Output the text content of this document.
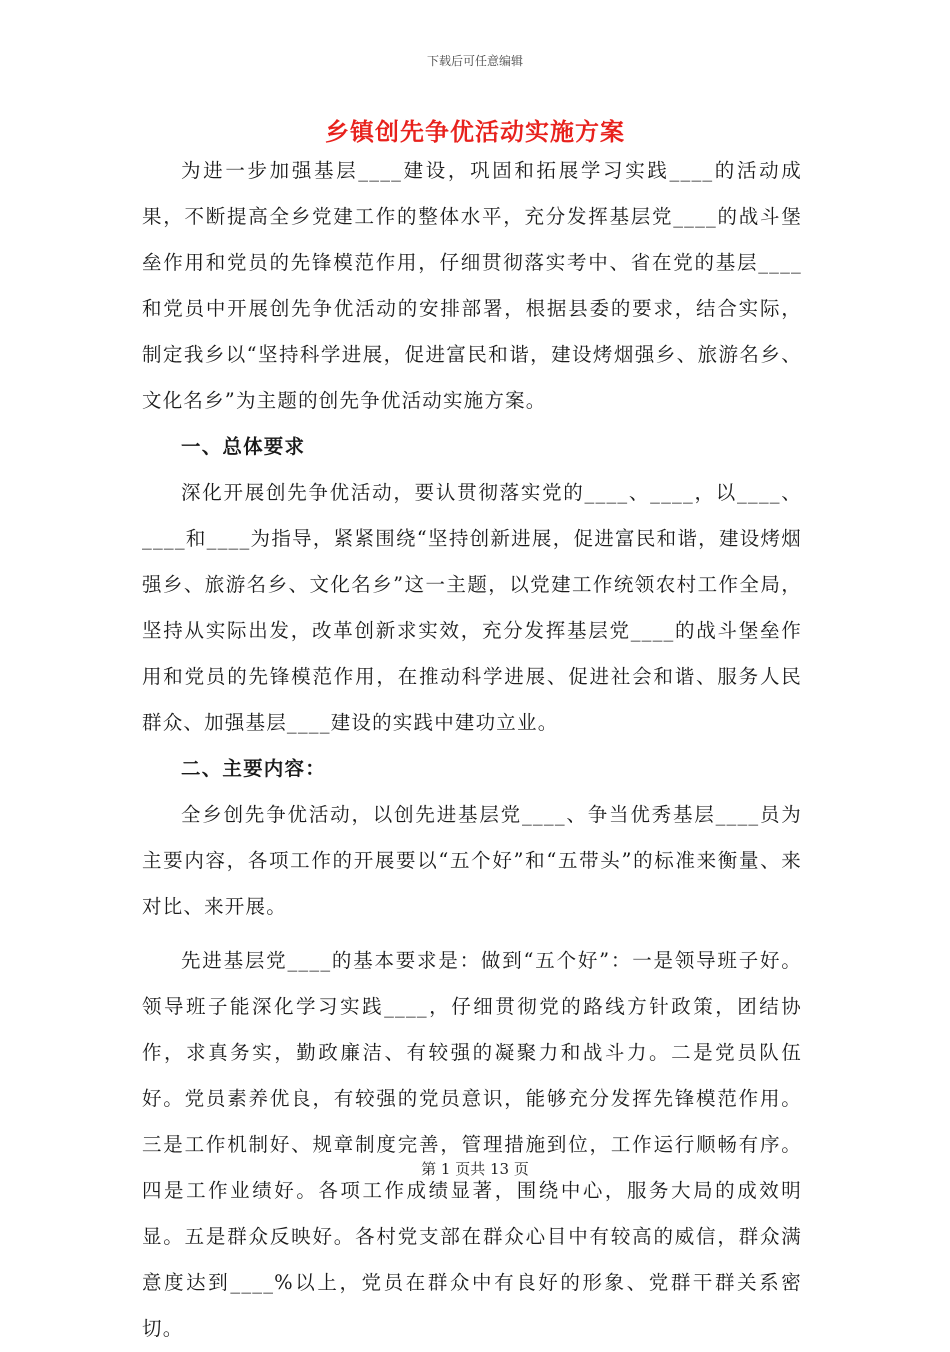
下载后可任意编辑
乡镇创先争优活动实施方案

为进一步加强基层____建设，巩固和拓展学习实践____的活动成果，不断提高全乡党建工作的整体水平，充分发挥基层党____的战斗堡垒作用和党员的先锋模范作用，仔细贯彻落实考中、省在党的基层____和党员中开展创先争优活动的安排部署，根据县委的要求，结合实际，制定我乡以“坚持科学进展，促进富民和谐，建设烤烟强乡、旅游名乡、文化名乡”为主题的创先争优活动实施方案。

一、总体要求

深化开展创先争优活动，要认贯彻落实党的____、____，以____、____和____为指导，紧紧围绕“坚持创新进展，促进富民和谐，建设烤烟强乡、旅游名乡、文化名乡”这一主题，以党建工作统领农村工作全局，坚持从实际出发，改革创新求实效，充分发挥基层党____的战斗堡垒作用和党员的先锋模范作用，在推动科学进展、促进社会和谐、服务人民群众、加强基层____建设的实践中建功立业。

二、主要内容：

全乡创先争优活动，以创先进基层党____、争当优秀基层____员为主要内容，各项工作的开展要以“五个好”和“五带头”的标准来衡量、来对比、来开展。

先进基层党____的基本要求是：做到“五个好”：一是领导班子好。领导班子能深化学习实践____，仔细贯彻党的路线方针政策，团结协作，求真务实，勤政廉洁、有较强的凝聚力和战斗力。二是党员队伍好。党员素养优良，有较强的党员意识，能够充分发挥先锋模范作用。三是工作机制好、规章制度完善，管理措施到位，工作运行顺畅有序。四是工作业绩好。各项工作成绩显著，围绕中心，服务大局的成效明显。五是群众反映好。各村党支部在群众心目中有较高的威信，群众满意度达到____%以上，党员在群众中有良好的形象、党群干群关系密切。

第 1 页共 13 页
